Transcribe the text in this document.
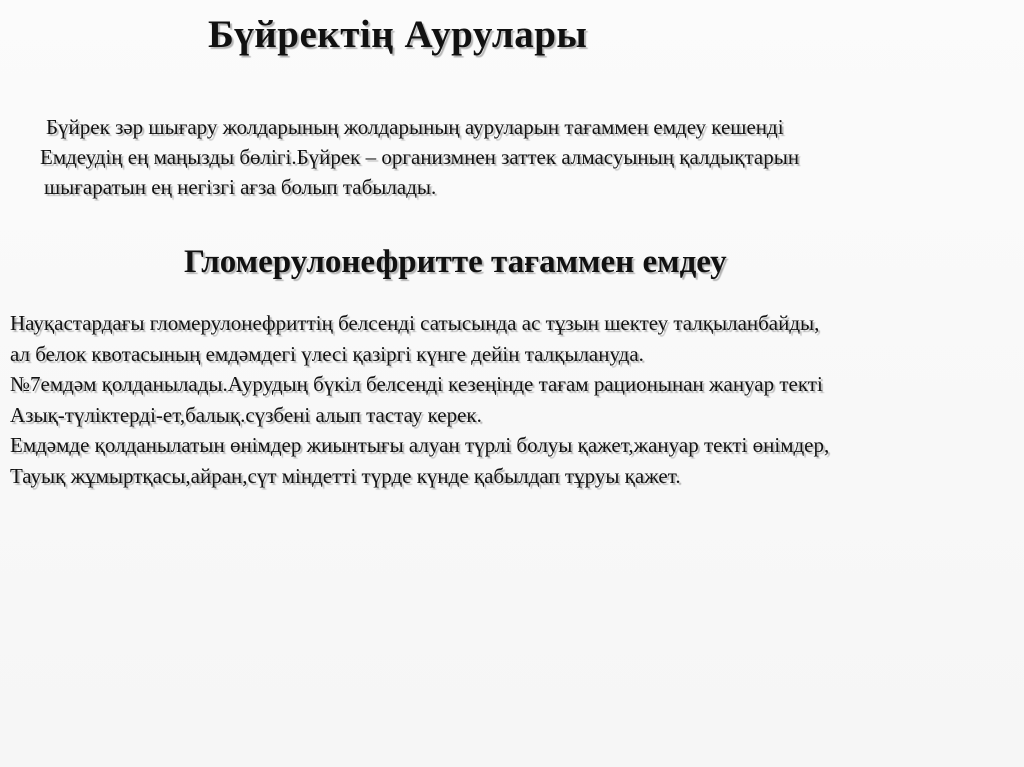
Бүйректің Аурулары
Бүйрек зәр шығару жолдарының жолдарының ауруларын тағаммен емдеу кешенді
Емдеудің ең маңызды бөлігі.Бүйрек – организмнен заттек алмасуының қалдықтарын
шығаратын ең негізгі ағза болып табылады.
Гломерулонефритте тағаммен емдеу
Науқастардағы гломерулонефриттің белсенді сатысында ас тұзын шектеу талқыланбайды,
ал белок квотасының емдәмдегі үлесі қазіргі күнге дейін талқылануда.
№7емдәм қолданылады.Аурудың бүкіл белсенді кезеңінде тағам рационынан жануар текті
Азық-түліктерді-ет,балық.сүзбені алып тастау керек.
Емдәмде қолданылатын өнімдер жиынтығы алуан түрлі болуы қажет,жануар текті өнімдер,
Тауық жұмыртқасы,айран,сүт міндетті түрде күнде қабылдап тұруы қажет.
